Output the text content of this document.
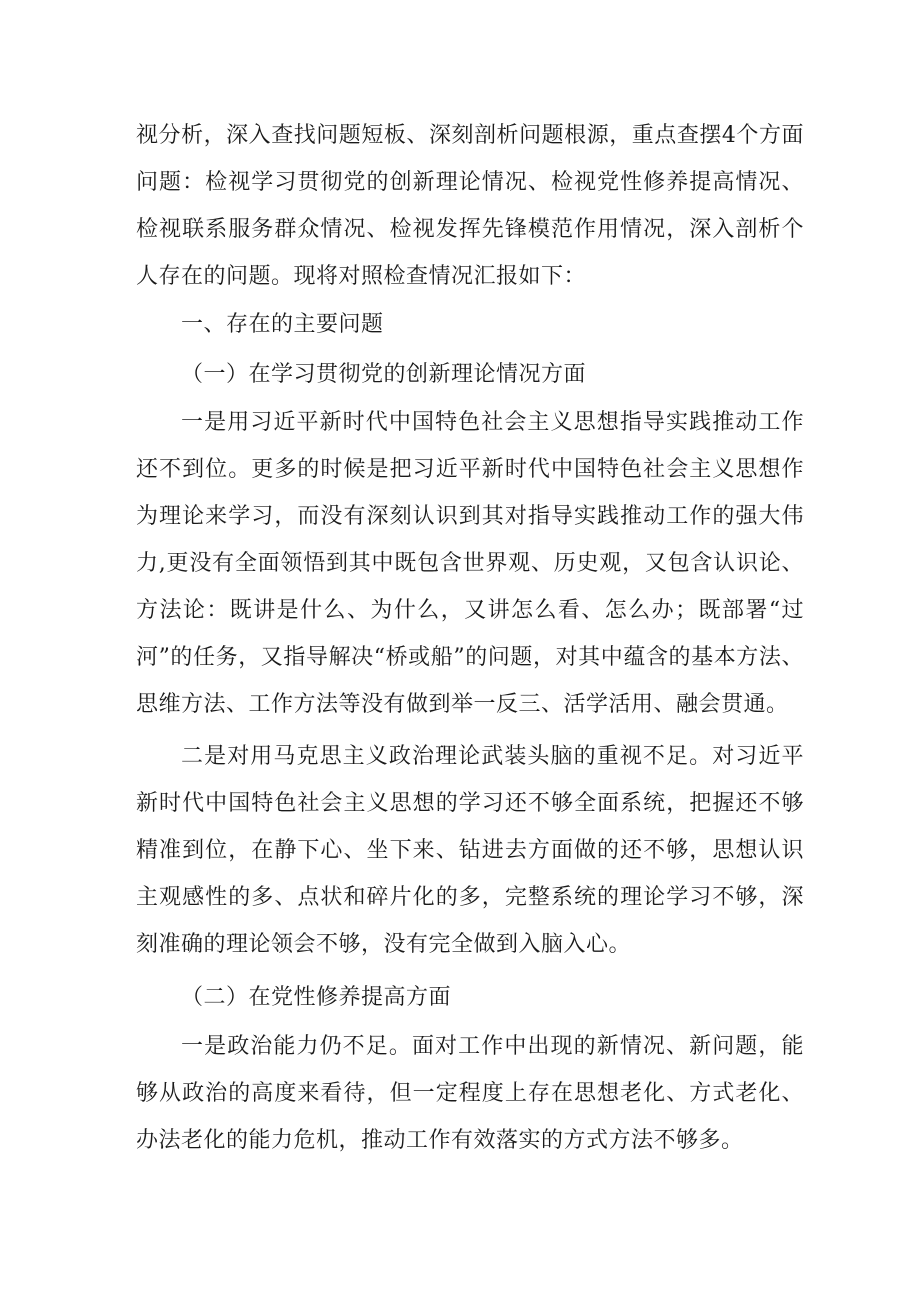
视分析，深入查找问题短板、深刻剖析问题根源，重点查摆4个方面问题：检视学习贯彻党的创新理论情况、检视党性修养提高情况、检视联系服务群众情况、检视发挥先锋模范作用情况，深入剖析个人存在的问题。现将对照检查情况汇报如下：

一、存在的主要问题

（一）在学习贯彻党的创新理论情况方面

一是用习近平新时代中国特色社会主义思想指导实践推动工作还不到位。更多的时候是把习近平新时代中国特色社会主义思想作为理论来学习，而没有深刻认识到其对指导实践推动工作的强大伟力,更没有全面领悟到其中既包含世界观、历史观，又包含认识论、方法论：既讲是什么、为什么，又讲怎么看、怎么办；既部署“过河”的任务，又指导解决“桥或船”的问题，对其中蕴含的基本方法、思维方法、工作方法等没有做到举一反三、活学活用、融会贯通。

二是对用马克思主义政治理论武装头脑的重视不足。对习近平新时代中国特色社会主义思想的学习还不够全面系统，把握还不够精准到位，在静下心、坐下来、钻进去方面做的还不够，思想认识主观感性的多、点状和碎片化的多，完整系统的理论学习不够，深刻准确的理论领会不够，没有完全做到入脑入心。

（二）在党性修养提高方面

一是政治能力仍不足。面对工作中出现的新情况、新问题，能够从政治的高度来看待，但一定程度上存在思想老化、方式老化、办法老化的能力危机，推动工作有效落实的方式方法不够多。
